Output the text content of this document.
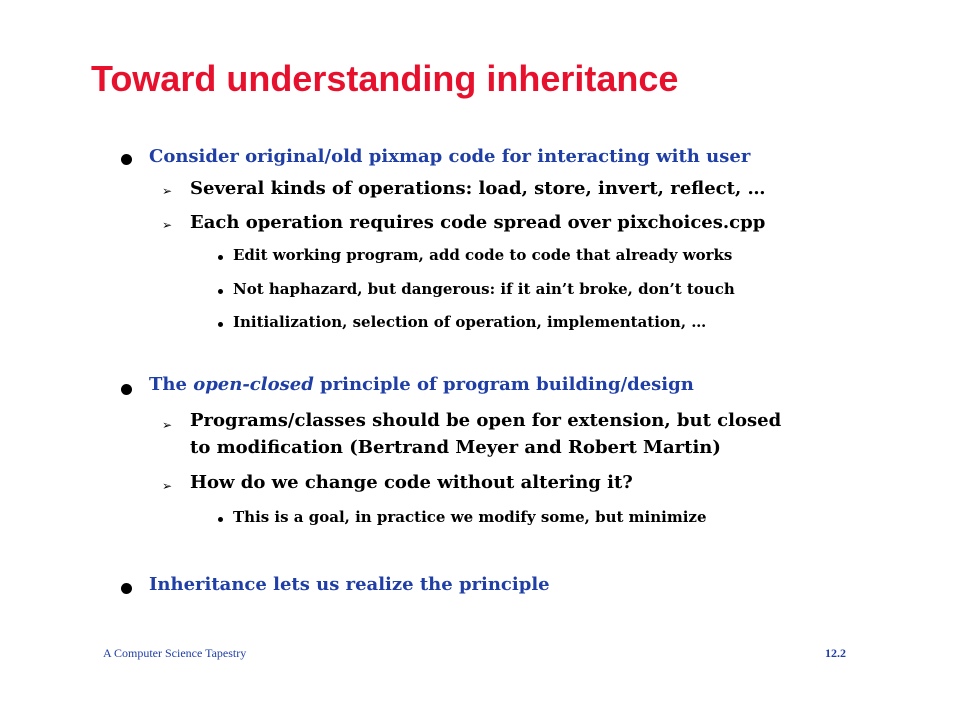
Toward understanding inheritance
Consider original/old pixmap code for interacting with user
➢ Several kinds of operations: load, store, invert, reflect, …
➢ Each operation requires code spread over pixchoices.cpp
Edit working program, add code to code that already works
Not haphazard, but dangerous: if it ain’t broke, don’t touch
Initialization, selection of operation, implementation, …
The open-closed principle of program building/design
➢ Programs/classes should be open for extension, but closed
to modification (Bertrand Meyer and Robert Martin)
➢ How do we change code without altering it?
This is a goal, in practice we modify some, but minimize
Inheritance lets us realize the principle
A Computer Science Tapestry	12.2
